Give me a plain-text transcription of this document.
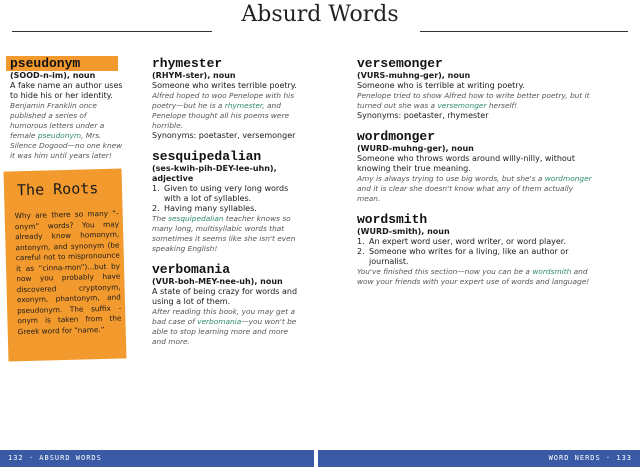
Absurd Words
pseudonym
(SOOD-n-im), noun
A fake name an author uses to hide his or her identity.
Benjamin Franklin once published a series of humorous letters under a female pseudonym, Mrs. Silence Dogood—no one knew it was him until years later!
The Roots

Why are there so many “-onym” words? You may already know homonym, antonym, and synonym (be careful not to mispronounce it as “cinna-mon”)...but by now you probably have discovered cryptonym, exonym, phantonym, and pseudonym. The suffix -onym is taken from the Greek word for “name.”

rhymester
(RHYM-ster), noun
Someone who writes terrible poetry.
Alfred hoped to woo Penelope with his poetry—but he is a rhymester, and Penelope thought all his poems were horrible.
Synonyms: poetaster, versemonger
sesquipedalian
(ses-kwih-pih-DEY-lee-uhn), adjective
1. Given to using very long words with a lot of syllables.
2. Having many syllables.
The sesquipedalian teacher knows so many long, multisyllabic words that sometimes it seems like she isn't even speaking English!
verbomania
(VUR-boh-MEY-nee-uh), noun
A state of being crazy for words and using a lot of them.
After reading this book, you may get a bad case of verbomania—you won't be able to stop learning more and more and more.
versemonger
(VURS-muhng-ger), noun
Someone who is terrible at writing poetry.
Penelope tried to show Alfred how to write better poetry, but it turned out she was a versemonger herself!
Synonyms: poetaster, rhymester
wordmonger
(WURD-muhng-ger), noun
Someone who throws words around willy-nilly, without knowing their true meaning.
Amy is always trying to use big words, but she's a wordmonger and it is clear she doesn't know what any of them actually mean.
wordsmith
(WURD-smith), noun
1. An expert word user, word writer, or word player.
2. Someone who writes for a living, like an author or journalist.
You've finished this section—now you can be a wordsmith and wow your friends with your expert use of words and language!
132 · ABSURD WORDS	WORD NERDS · 133
